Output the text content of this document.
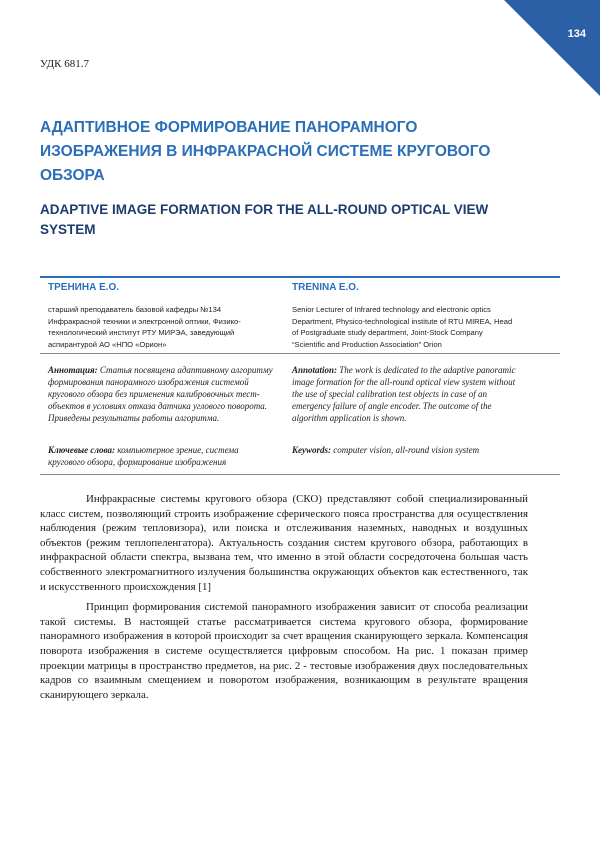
134
УДК 681.7
АДАПТИВНОЕ ФОРМИРОВАНИЕ ПАНОРАМНОГО ИЗОБРАЖЕНИЯ В ИНФРАКРАСНОЙ СИСТЕМЕ КРУГОВОГО ОБЗОРА
ADAPTIVE IMAGE FORMATION FOR THE ALL-ROUND OPTICAL VIEW SYSTEM
ТРЕНИНА Е.О.	TRENINA E.O.
старший преподаватель базовой кафедры №134 Инфракрасной техники и электронной оптики, Физико-технологический институт РТУ МИРЭА, заведующий аспирантурой АО «НПО «Орион»
Senior Lecturer of Infrared technology and electronic optics Department, Physico-technological institute of RTU MIREA, Head of Postgraduate study department, Joint-Stock Company “Scientific and Production Association” Orion
Аннотация: Статья посвящена адаптивному алгоритму формирования панорамного изображения системой кругового обзора без применения калибровочных тест-объектов в условиях отказа датчика углового поворота. Приведены результаты работы алгоритма.
Annotation: The work is dedicated to the adaptive panoramic image formation for the all-round optical view system without the use of special calibration test objects in case of an emergency failure of angle encoder. The outcome of the algorithm application is shown.
Ключевые слова: компьютерное зрение, система кругового обзора, формирование изображения
Keywords: computer vision, all-round vision system

Инфракрасные системы кругового обзора (СКО) представляют собой специализированный класс систем, позволяющий строить изображение сферического пояса пространства для осуществления наблюдения (режим тепловизора), или поиска и отслеживания наземных, наводных и воздушных объектов (режим теплопеленгатора). Актуальность создания систем кругового обзора, работающих в инфракрасной области спектра, вызвана тем, что именно в этой области сосредоточена большая часть собственного электромагнитного излучения большинства окружающих объектов как естественного, так и искусственного происхождения [1]

Принцип формирования системой панорамного изображения зависит от способа реализации такой системы. В настоящей статье рассматривается система кругового обзора, формирование панорамного изображения в которой происходит за счет вращения сканирующего зеркала. Компенсация поворота изображения в системе осуществляется цифровым способом. На рис. 1 показан пример проекции матрицы в пространство предметов, на рис. 2 - тестовые изображения двух последовательных кадров со взаимным смещением и поворотом изображения, возникающим в результате вращения сканирующего зеркала.
